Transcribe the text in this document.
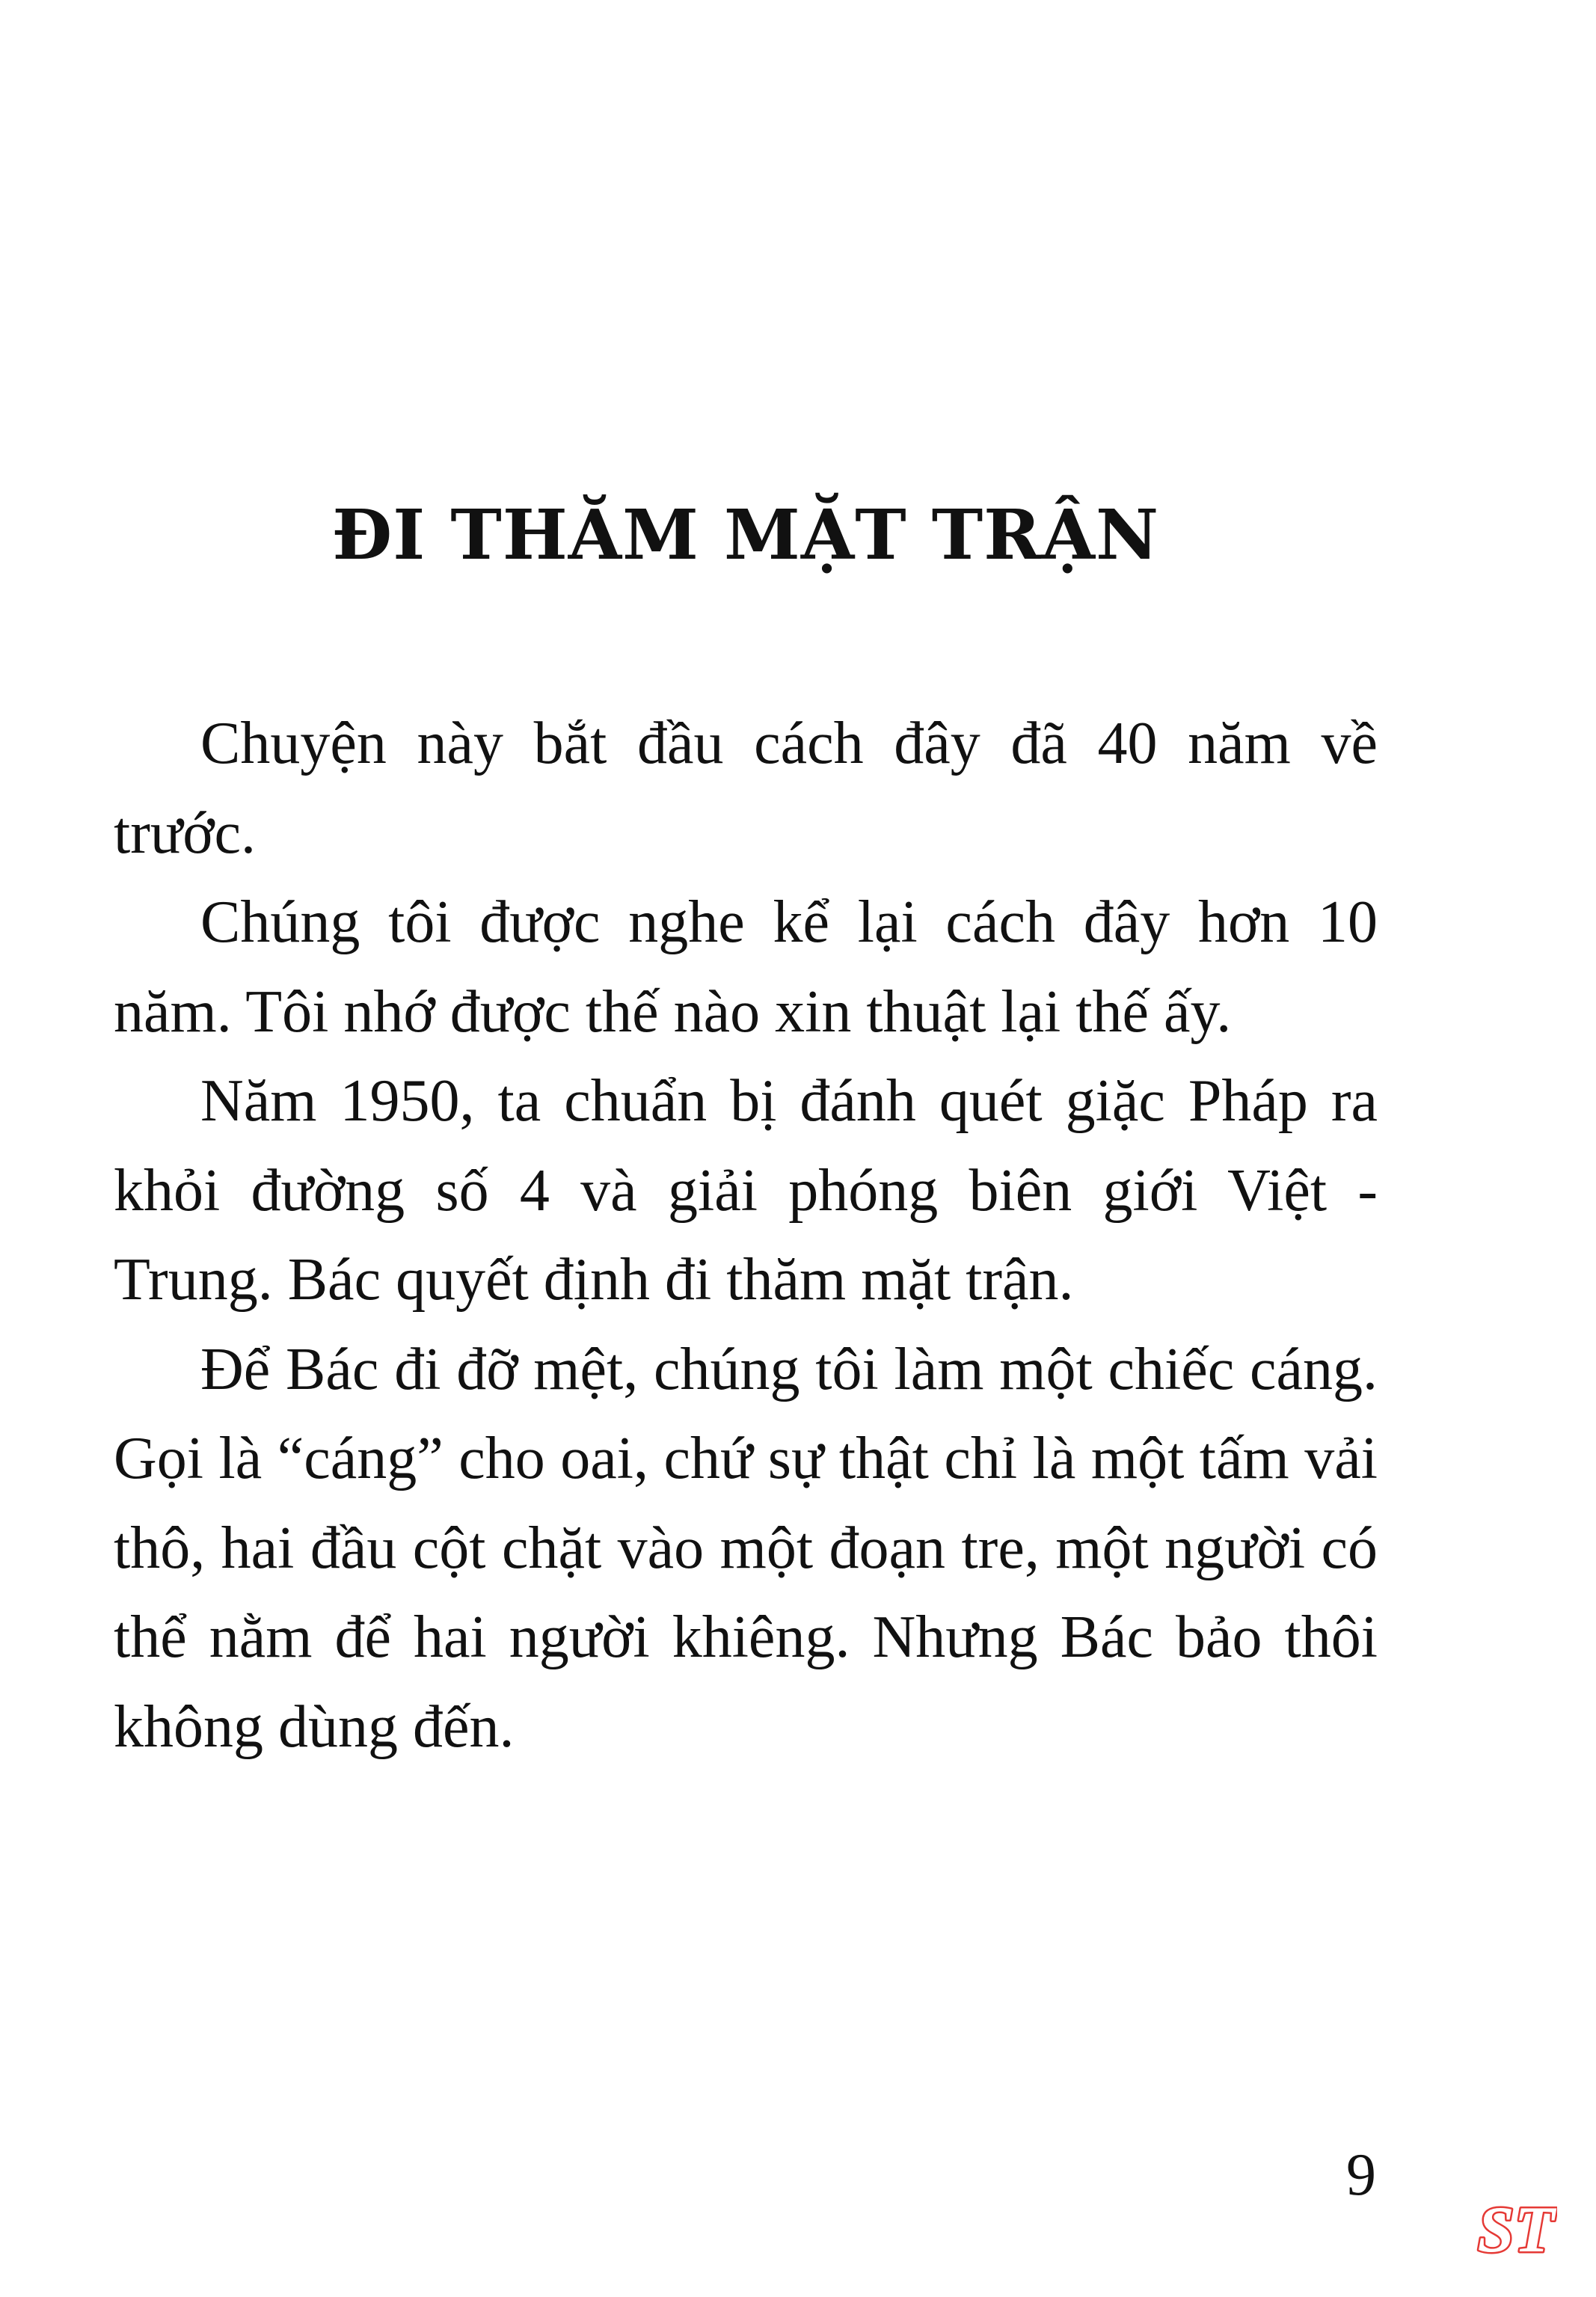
ĐI THĂM MẶT TRẬN

Chuyện này bắt đầu cách đây đã 40 năm về trước.

Chúng tôi được nghe kể lại cách đây hơn 10 năm. Tôi nhớ được thế nào xin thuật lại thế ấy.

Năm 1950, ta chuẩn bị đánh quét giặc Pháp ra khỏi đường số 4 và giải phóng biên giới Việt - Trung. Bác quyết định đi thăm mặt trận.

Để Bác đi đỡ mệt, chúng tôi làm một chiếc cáng. Gọi là “cáng” cho oai, chứ sự thật chỉ là một tấm vải thô, hai đầu cột chặt vào một đoạn tre, một người có thể nằm để hai người khiêng. Nhưng Bác bảo thôi không dùng đến.

9

ST
